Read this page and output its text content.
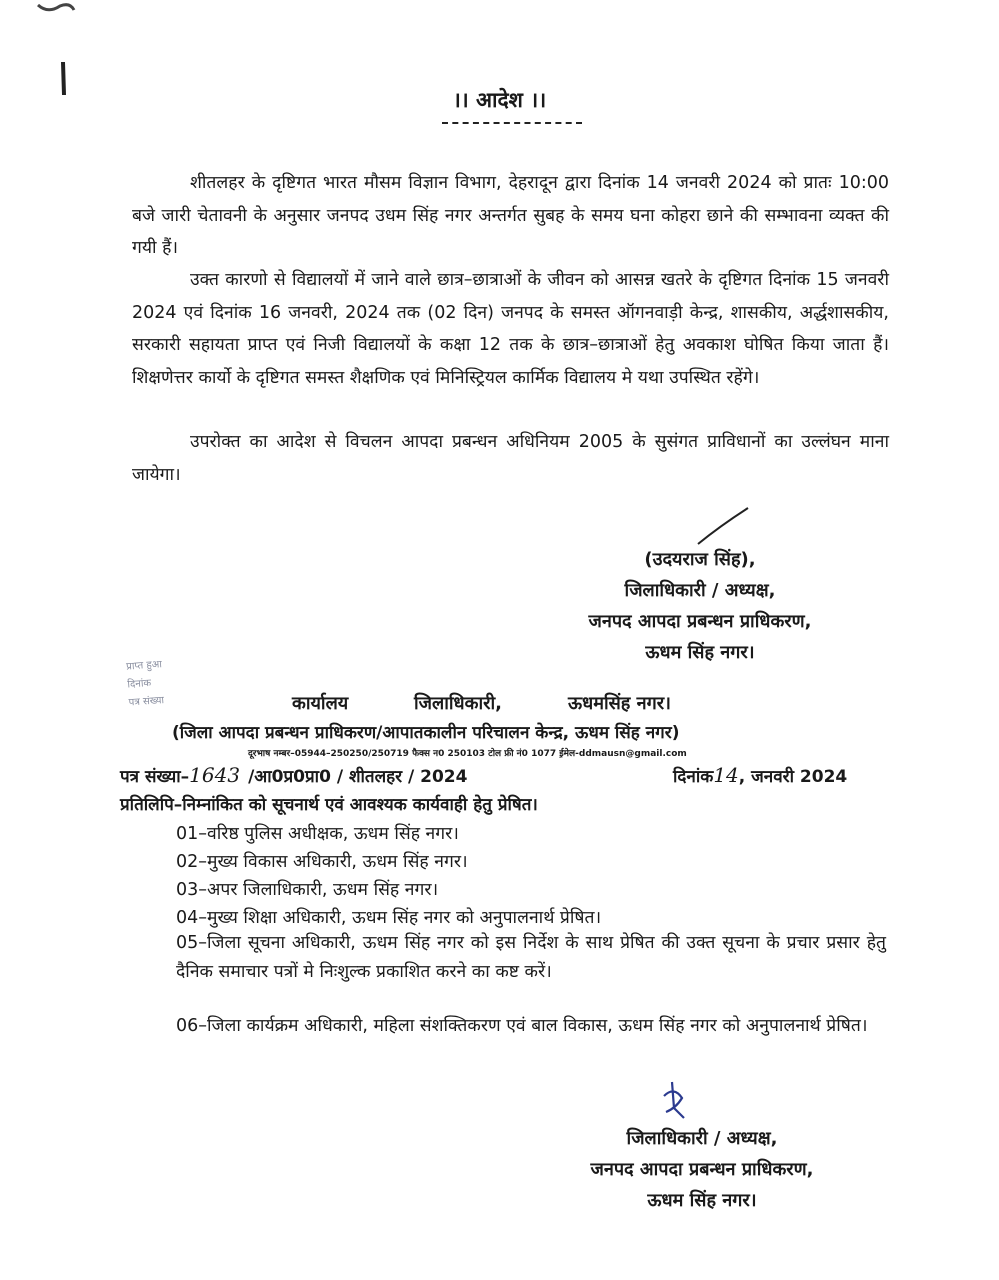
।। आदेश ।।
शीतलहर के दृष्टिगत भारत मौसम विज्ञान विभाग, देहरादून द्वारा दिनांक 14 जनवरी 2024 को प्रातः 10:00 बजे जारी चेतावनी के अनुसार जनपद उधम सिंह नगर अन्तर्गत सुबह के समय घना कोहरा छाने की सम्भावना व्यक्त की गयी हैं।
उक्त कारणो से विद्यालयों में जाने वाले छात्र–छात्राओं के जीवन को आसन्न खतरे के दृष्टिगत दिनांक 15 जनवरी 2024 एवं दिनांक 16 जनवरी, 2024 तक (02 दिन) जनपद के समस्त ऑगनवाड़ी केन्द्र, शासकीय, अर्द्धशासकीय, सरकारी सहायता प्राप्त एवं निजी विद्यालयों के कक्षा 12 तक के छात्र–छात्राओं हेतु अवकाश घोषित किया जाता हैं। शिक्षणेत्तर कार्यो के दृष्टिगत समस्त शैक्षणिक एवं मिनिस्ट्रियल कार्मिक विद्यालय मे यथा उपस्थित रहेंगे।
उपरोक्त का आदेश से विचलन आपदा प्रबन्धन अधिनियम 2005 के सुसंगत प्राविधानों का उल्लंघन माना जायेगा।
(उदयराज सिंह),
जिलाधिकारी / अध्यक्ष,
जनपद आपदा प्रबन्धन प्राधिकरण,
ऊधम सिंह नगर।
प्राप्त हुआ
दिनांक
पत्र संख्या	कार्यालय	जिलाधिकारी,	ऊधमसिंह नगर।
(जिला आपदा प्रबन्धन प्राधिकरण/आपातकालीन परिचालन केन्द्र, ऊधम सिंह नगर)
दूरभाष नम्बर–05944–250250/250719 फैक्स न0 250103 टोल फ्री नं0 1077 ई़मेल-ddmausn@gmail.com
पत्र संख्या–1643 /आ0प्र0प्रा0 / शीतलहर / 2024	दिनांक14, जनवरी 2024
प्रतिलिपि–निम्नांकित को सूचनार्थ एवं आवश्यक कार्यवाही हेतु प्रेषित।
01–वरिष्ठ पुलिस अधीक्षक, ऊधम सिंह नगर।
02–मुख्य विकास अधिकारी, ऊधम सिंह नगर।
03–अपर जिलाधिकारी, ऊधम सिंह नगर।
04–मुख्य शिक्षा अधिकारी, ऊधम सिंह नगर को अनुपालनार्थ प्रेषित।
05–जिला सूचना अधिकारी, ऊधम सिंह नगर को इस निर्देश के साथ प्रेषित की उक्त सूचना के प्रचार प्रसार हेतु दैनिक समाचार पत्रों मे निःशुल्क प्रकाशित करने का कष्ट करें।
06–जिला कार्यक्रम अधिकारी, महिला संशक्तिकरण एवं बाल विकास, ऊधम सिंह नगर को अनुपालनार्थ प्रेषित।
जिलाधिकारी / अध्यक्ष,
जनपद आपदा प्रबन्धन प्राधिकरण,
ऊधम सिंह नगर।
